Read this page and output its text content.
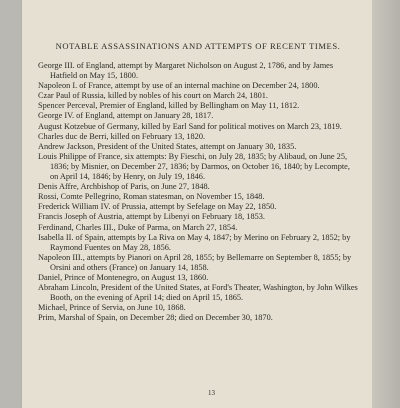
NOTABLE ASSASSINATIONS AND ATTEMPTS OF RECENT TIMES.

George III. of England, attempt by Margaret Nicholson on August 2, 1786, and by James Hatfield on May 15, 1800.

Napoleon I. of France, attempt by use of an internal machine on December 24, 1800.

Czar Paul of Russia, killed by nobles of his court on March 24, 1801.

Spencer Perceval, Premier of England, killed by Bellingham on May 11, 1812.

George IV. of England, attempt on January 28, 1817.

August Kotzebue of Germany, killed by Earl Sand for political motives on March 23, 1819.

Charles duc de Berri, killed on February 13, 1820.

Andrew Jackson, President of the United States, attempt on January 30, 1835.

Louis Philippe of France, six attempts: By Fieschi, on July 28, 1835; by Alibaud, on June 25, 1836; by Misnier, on December 27, 1836; by Darmos, on October 16, 1840; by Lecompte, on April 14, 1846; by Henry, on July 19, 1846.

Denis Affre, Archbishop of Paris, on June 27, 1848.

Rossi, Comte Pellegrino, Roman statesman, on November 15, 1848.

Frederick William IV. of Prussia, attempt by Sefelage on May 22, 1850.

Francis Joseph of Austria, attempt by Libenyi on February 18, 1853.

Ferdinand, Charles III., Duke of Parma, on March 27, 1854.

Isabella II. of Spain, attempts by La Riva on May 4, 1847; by Merino on February 2, 1852; by Raymond Fuentes on May 28, 1856.

Napoleon III., attempts by Pianori on April 28, 1855; by Bellemarre on September 8, 1855; by Orsini and others (France) on January 14, 1858.

Daniel, Prince of Montenegro, on August 13, 1860.

Abraham Lincoln, President of the United States, at Ford's Theater, Washington, by John Wilkes Booth, on the evening of April 14; died on April 15, 1865.

Michael, Prince of Servia, on June 10, 1868.

Prim, Marshal of Spain, on December 28; died on December 30, 1870.

13
